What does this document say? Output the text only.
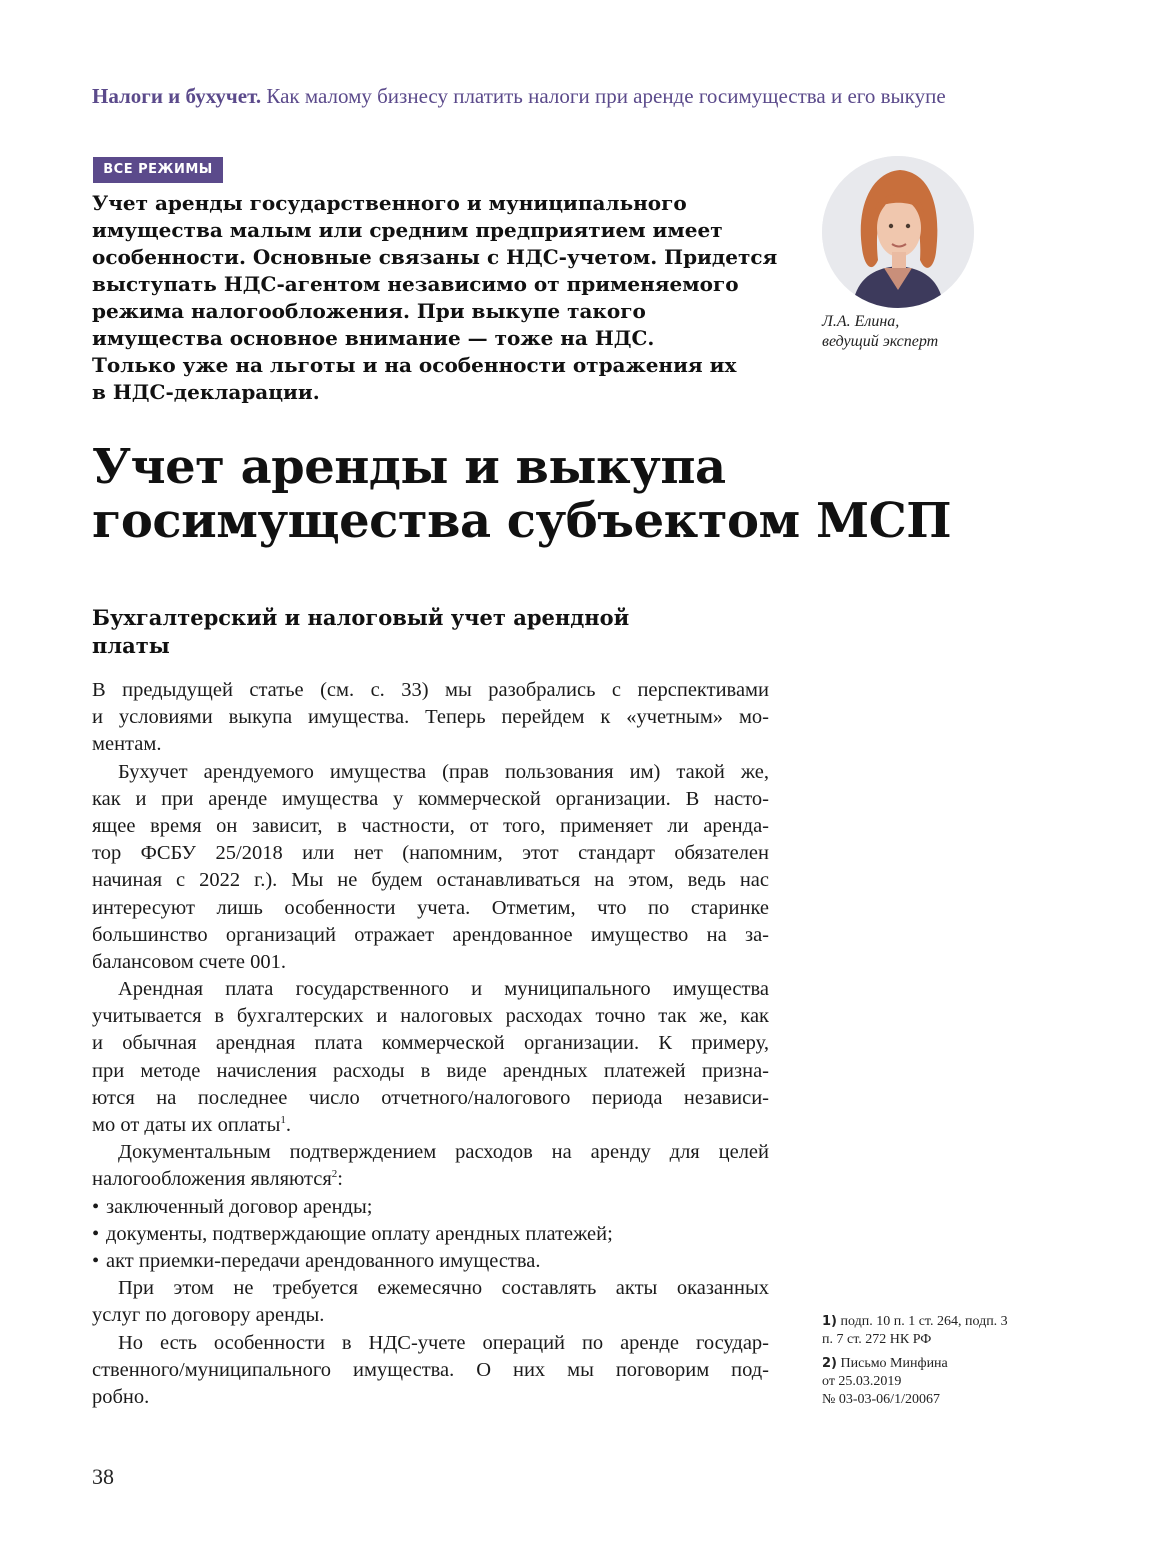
Налоги и бухучет. Как малому бизнесу платить налоги при аренде госимущества и его выкупе
ВСЕ РЕЖИМЫ
Учет аренды государственного и муниципального
имущества малым или средним предприятием имеет
особенности. Основные связаны с НДС-учетом. Придется
выступать НДС-агентом независимо от применяемого
режима налогообложения. При выкупе такого
имущества основное внимание — тоже на НДС.
Только уже на льготы и на особенности отражения их
в НДС-декларации.
Л.А. Елина,
ведущий эксперт
Учет аренды и выкупа
госимущества субъектом МСП
Бухгалтерский и налоговый учет арендной
платы
В предыдущей статье (см. с. 33) мы разобрались с перспективами
и условиями выкупа имущества. Теперь перейдем к «учетным» мо-
ментам.
Бухучет арендуемого имущества (прав пользования им) такой же,
как и при аренде имущества у коммерческой организации. В насто-
ящее время он зависит, в частности, от того, применяет ли аренда-
тор ФСБУ 25/2018 или нет (напомним, этот стандарт обязателен
начиная с 2022 г.). Мы не будем останавливаться на этом, ведь нас
интересуют лишь особенности учета. Отметим, что по старинке
большинство организаций отражает арендованное имущество на за-
балансовом счете 001.
Арендная плата государственного и муниципального имущества
учитывается в бухгалтерских и налоговых расходах точно так же, как
и обычная арендная плата коммерческой организации. К примеру,
при методе начисления расходы в виде арендных платежей призна-
ются на последнее число отчетного/налогового периода независи-
мо от даты их оплаты$^1$.
Документальным подтверждением расходов на аренду для целей
налогообложения являются$^2$:
• заключенный договор аренды;
• документы, подтверждающие оплату арендных платежей;
• акт приемки-передачи арендованного имущества.
При этом не требуется ежемесячно составлять акты оказанных
услуг по договору аренды.
Но есть особенности в НДС-учете операций по аренде государ-
ственного/муниципального имущества. О них мы поговорим под-
робно.
1) подп. 10 п. 1 ст. 264, подп. 3
п. 7 ст. 272 НК РФ
2) Письмо Минфина
от 25.03.2019
№ 03-03-06/1/20067
38
